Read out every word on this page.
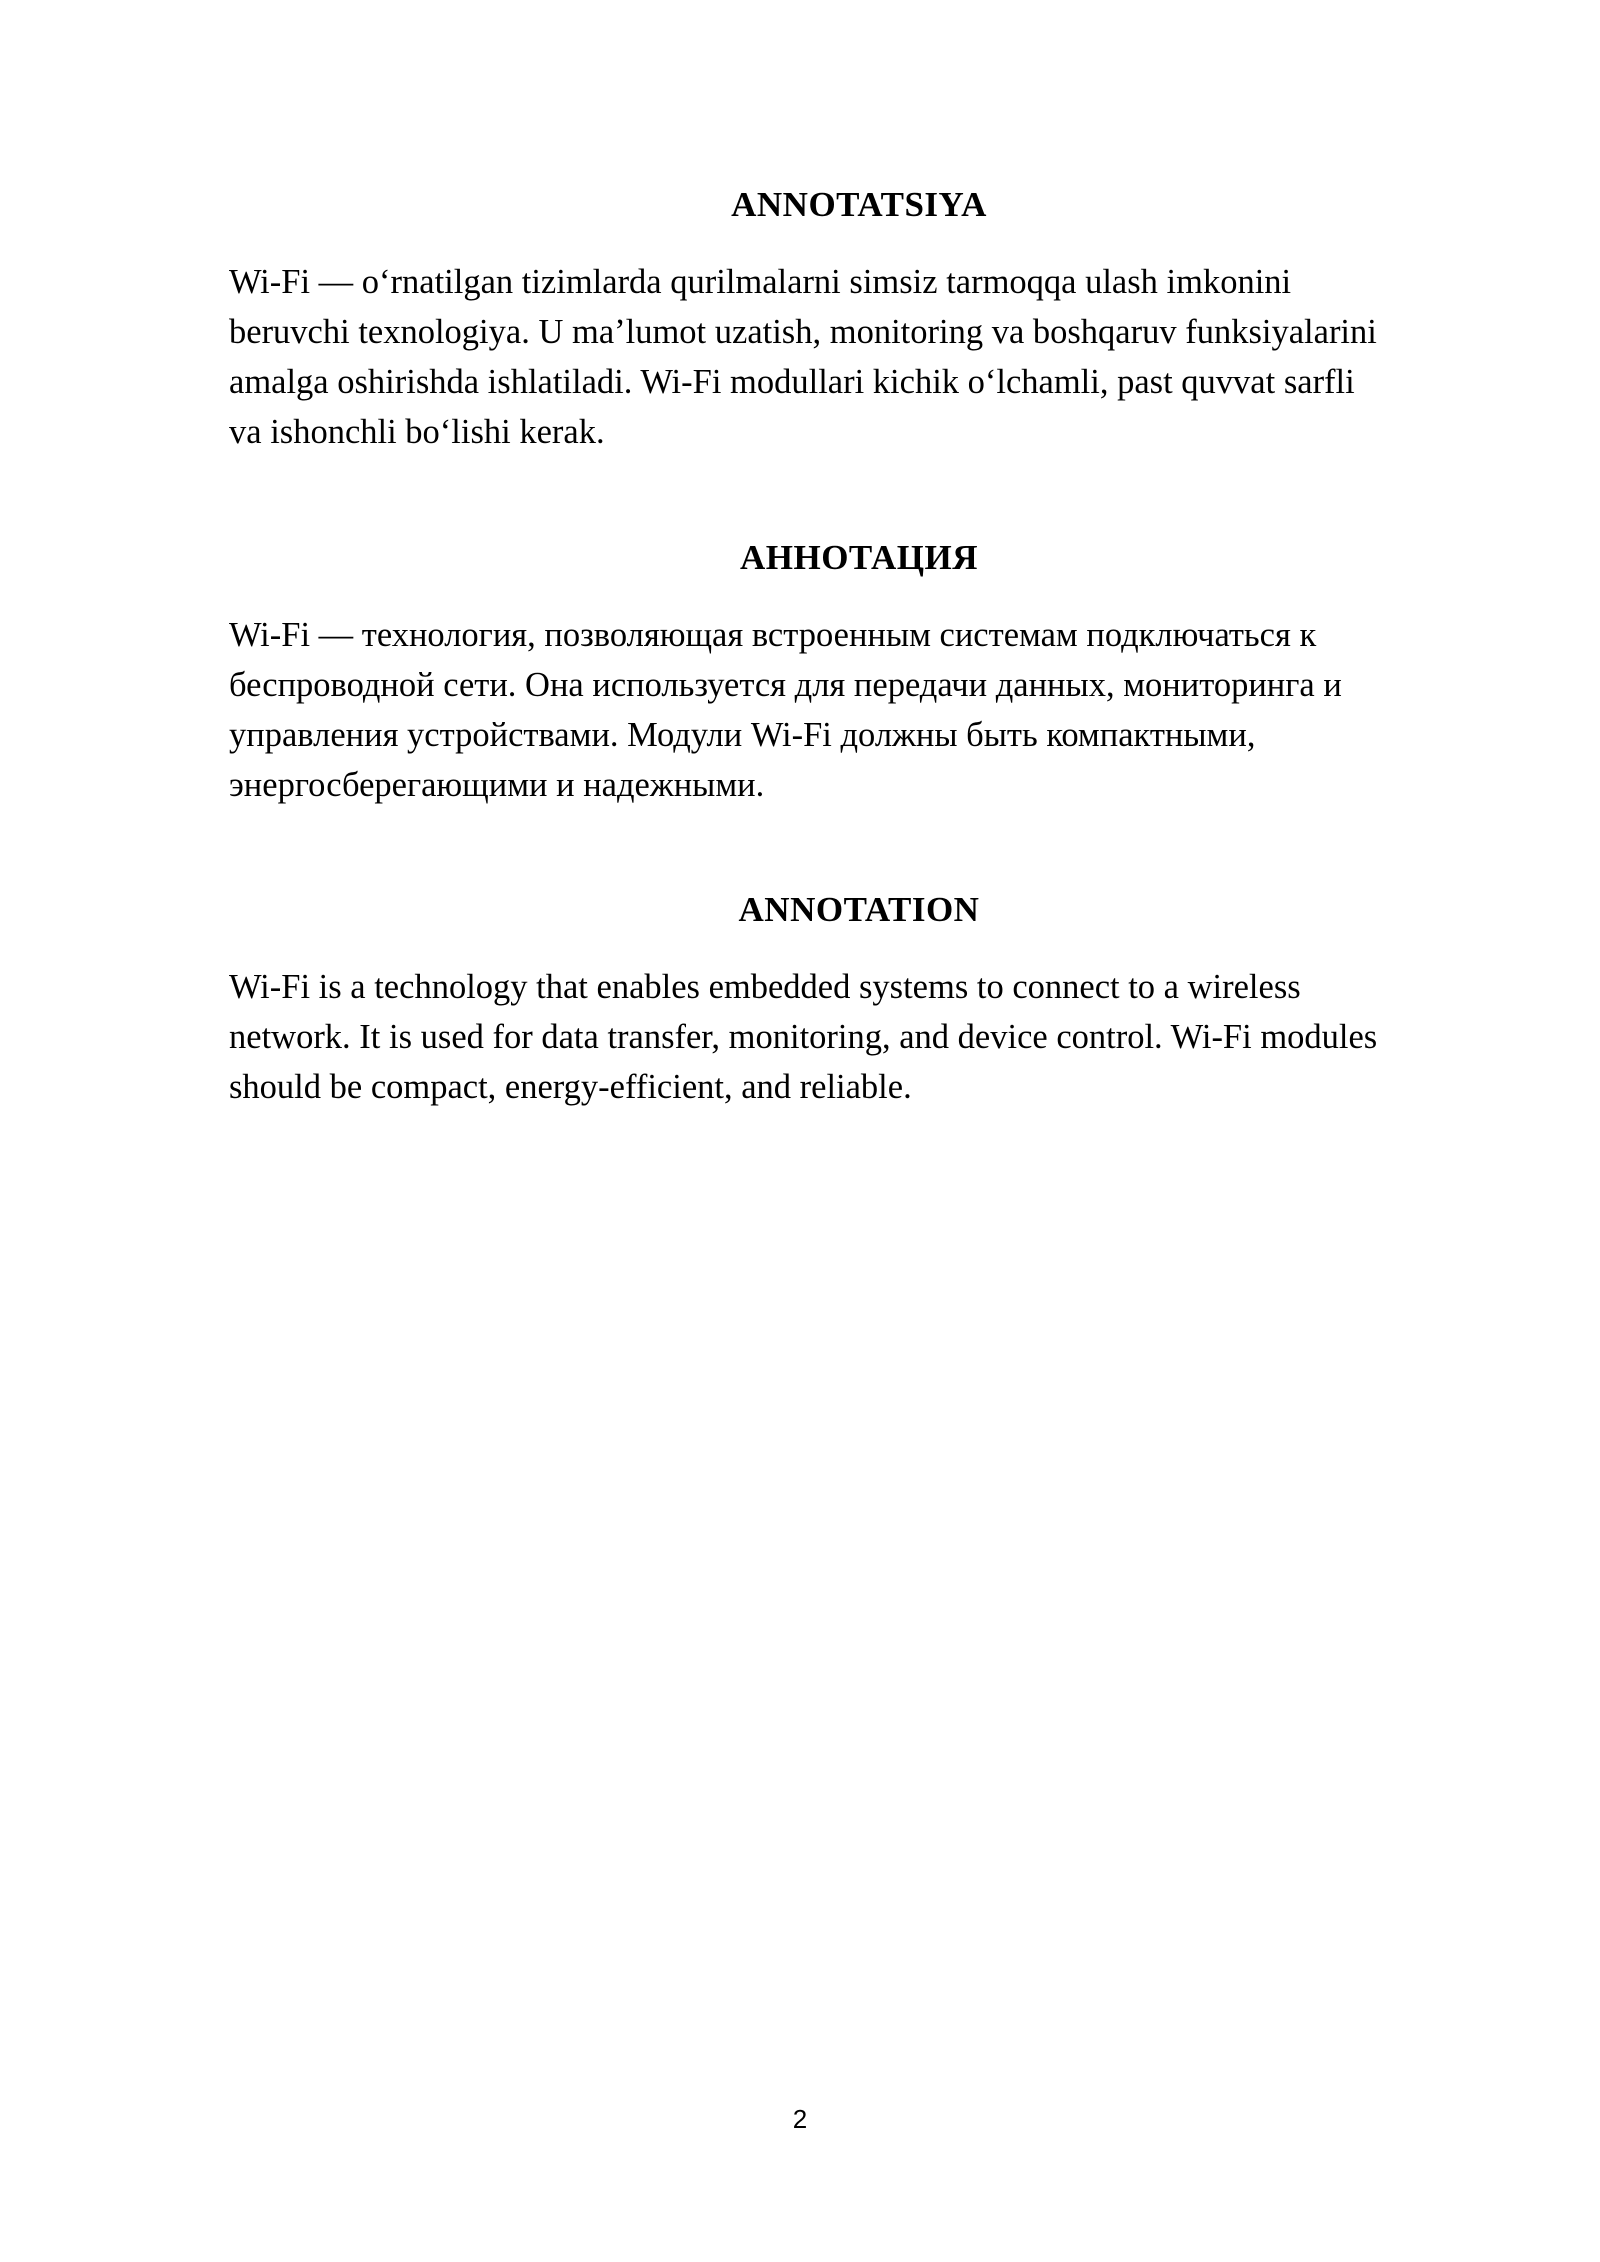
ANNOTATSIYA

Wi-Fi — oʻrnatilgan tizimlarda qurilmalarni simsiz tarmoqqa ulash imkonini
beruvchi texnologiya. U maʼlumot uzatish, monitoring va boshqaruv funksiyalarini
amalga oshirishda ishlatiladi. Wi-Fi modullari kichik oʻlchamli, past quvvat sarfli
va ishonchli boʻlishi kerak.

АННОТАЦИЯ

Wi-Fi — технология, позволяющая встроенным системам подключаться к
беспроводной сети. Она используется для передачи данных, мониторинга и
управления устройствами. Модули Wi-Fi должны быть компактными,
энергосберегающими и надежными.

ANNOTATION

Wi-Fi is a technology that enables embedded systems to connect to a wireless
network. It is used for data transfer, monitoring, and device control. Wi-Fi modules
should be compact, energy-efficient, and reliable.

2
